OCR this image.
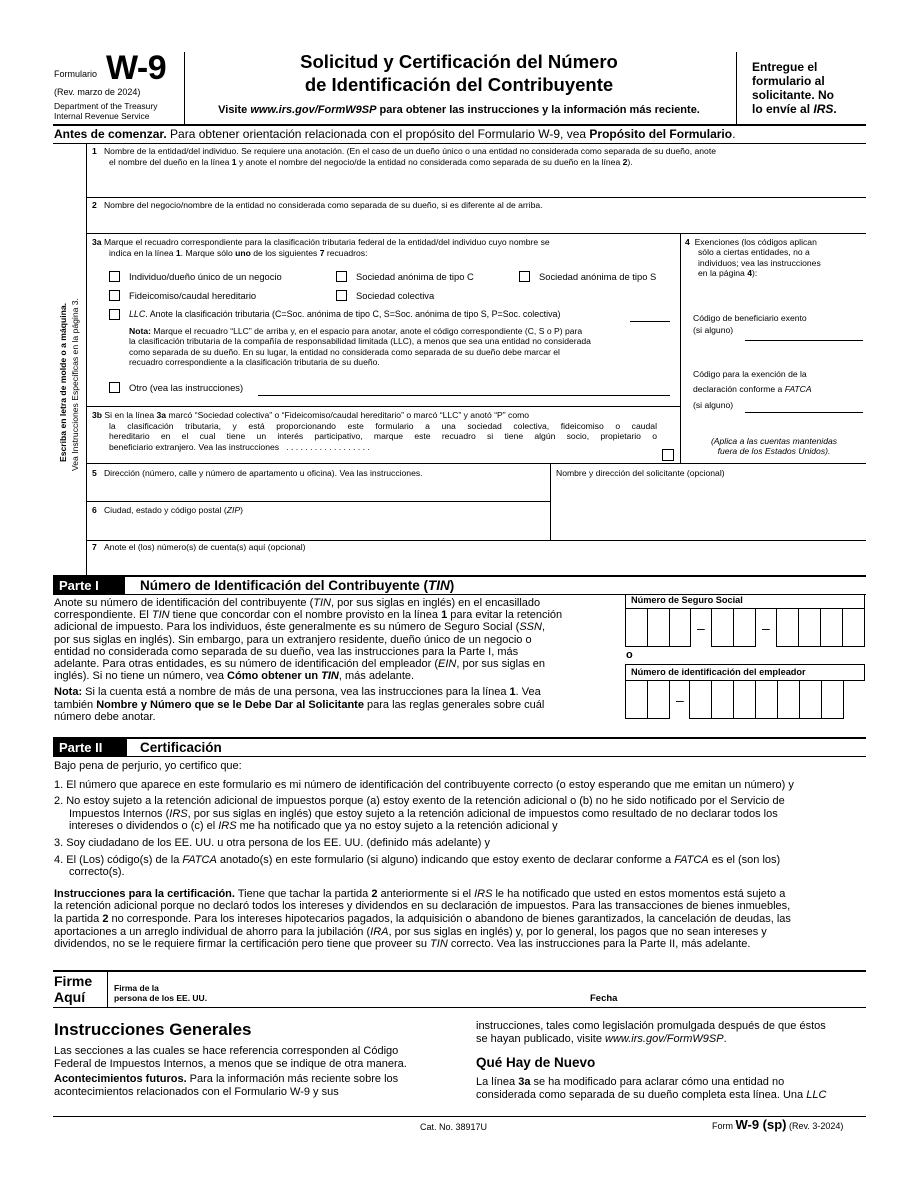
Formulario W-9
(Rev. marzo de 2024)
Department of the Treasury
Internal Revenue Service
Solicitud y Certificación del Número
de Identificación del Contribuyente
Visite www.irs.gov/FormW9SP para obtener las instrucciones y la información más reciente.
Entregue el
formulario al
solicitante. No
lo envíe al IRS.
Antes de comenzar. Para obtener orientación relacionada con el propósito del Formulario W-9, vea Propósito del Formulario.
Escriba en letra de molde o a máquina. Vea Instrucciones Específicas en la página 3.
1 Nombre de la entidad/del individuo. Se requiere una anotación. (En el caso de un dueño único o una entidad no considerada como separada de su dueño, anote
el nombre del dueño en la línea 1 y anote el nombre del negocio/de la entidad no considerada como separada de su dueño en la línea 2).
2 Nombre del negocio/nombre de la entidad no considerada como separada de su dueño, si es diferente al de arriba.
3a Marque el recuadro correspondiente para la clasificación tributaria federal de la entidad/del individuo cuyo nombre se
indica en la línea 1. Marque sólo uno de los siguientes 7 recuadros:
Individuo/dueño único de un negocio	Sociedad anónima de tipo C	Sociedad anónima de tipo S
Fideicomiso/caudal hereditario	Sociedad colectiva
LLC. Anote la clasificación tributaria (C=Soc. anónima de tipo C, S=Soc. anónima de tipo S, P=Soc. colectiva)
Nota: Marque el recuadro “LLC” de arriba y, en el espacio para anotar, anote el código correspondiente (C, S o P) para
la clasificación tributaria de la compañía de responsabilidad limitada (LLC), a menos que sea una entidad no considerada
como separada de su dueño. En su lugar, la entidad no considerada como separada de su dueño debe marcar el
recuadro correspondiente a la clasificación tributaria de su dueño.
Otro (vea las instrucciones)
3b Si en la línea 3a marcó “Sociedad colectiva” o “Fideicomiso/caudal hereditario” o marcó “LLC” y anotó “P” como
la clasificación tributaria, y está proporcionando este formulario a una sociedad colectiva, fideicomiso o caudal
hereditario en el cual tiene un interés participativo, marque este recuadro si tiene algún socio, propietario o
beneficiario extranjero. Vea las instrucciones . . . . . . . . . . . . . . . . . .
4 Exenciones (los códigos aplican
sólo a ciertas entidades, no a
individuos; vea las instrucciones
en la página 4):
Código de beneficiario exento
(si alguno)
Código para la exención de la
declaración conforme a FATCA
(si alguno)
(Aplica a las cuentas mantenidas
fuera de los Estados Unidos).
5 Dirección (número, calle y número de apartamento u oficina). Vea las instrucciones.	Nombre y dirección del solicitante (opcional)
6 Ciudad, estado y código postal (ZIP)
7 Anote el (los) número(s) de cuenta(s) aquí (opcional)
Parte I	Número de Identificación del Contribuyente (TIN)
Anote su número de identificación del contribuyente (TIN, por sus siglas en inglés) en el encasillado
correspondiente. El TIN tiene que concordar con el nombre provisto en la línea 1 para evitar la retención
adicional de impuesto. Para los individuos, éste generalmente es su número de Seguro Social (SSN,
por sus siglas en inglés). Sin embargo, para un extranjero residente, dueño único de un negocio o
entidad no considerada como separada de su dueño, vea las instrucciones para la Parte I, más
adelante. Para otras entidades, es su número de identificación del empleador (EIN, por sus siglas en
inglés). Si no tiene un número, vea Cómo obtener un TIN, más adelante.
Nota: Si la cuenta está a nombre de más de una persona, vea las instrucciones para la línea 1. Vea
también Nombre y Número que se le Debe Dar al Solicitante para las reglas generales sobre cuál
número debe anotar.
Número de Seguro Social
–	–
o
Número de identificación del empleador
–
Parte II	Certificación
Bajo pena de perjurio, yo certifico que:
1. El número que aparece en este formulario es mi número de identificación del contribuyente correcto (o estoy esperando que me emitan un número) y
2. No estoy sujeto a la retención adicional de impuestos porque (a) estoy exento de la retención adicional o (b) no he sido notificado por el Servicio de
Impuestos Internos (IRS, por sus siglas en inglés) que estoy sujeto a la retención adicional de impuestos como resultado de no declarar todos los
intereses o dividendos o (c) el IRS me ha notificado que ya no estoy sujeto a la retención adicional y
3. Soy ciudadano de los EE. UU. u otra persona de los EE. UU. (definido más adelante) y
4. El (Los) código(s) de la FATCA anotado(s) en este formulario (si alguno) indicando que estoy exento de declarar conforme a FATCA es el (son los)
correcto(s).
Instrucciones para la certificación. Tiene que tachar la partida 2 anteriormente si el IRS le ha notificado que usted en estos momentos está sujeto a
la retención adicional porque no declaró todos los intereses y dividendos en su declaración de impuestos. Para las transacciones de bienes inmuebles,
la partida 2 no corresponde. Para los intereses hipotecarios pagados, la adquisición o abandono de bienes garantizados, la cancelación de deudas, las
aportaciones a un arreglo individual de ahorro para la jubilación (IRA, por sus siglas en inglés) y, por lo general, los pagos que no sean intereses y
dividendos, no se le requiere firmar la certificación pero tiene que proveer su TIN correcto. Vea las instrucciones para la Parte II, más adelante.
Firme
Aquí
Firma de la
persona de los EE. UU.	Fecha
Instrucciones Generales
Las secciones a las cuales se hace referencia corresponden al Código
Federal de Impuestos Internos, a menos que se indique de otra manera.
Acontecimientos futuros. Para la información más reciente sobre los
acontecimientos relacionados con el Formulario W-9 y sus
instrucciones, tales como legislación promulgada después de que éstos
se hayan publicado, visite www.irs.gov/FormW9SP.
Qué Hay de Nuevo
La línea 3a se ha modificado para aclarar cómo una entidad no
considerada como separada de su dueño completa esta línea. Una LLC
Cat. No. 38917U	Form W-9 (sp) (Rev. 3-2024)
